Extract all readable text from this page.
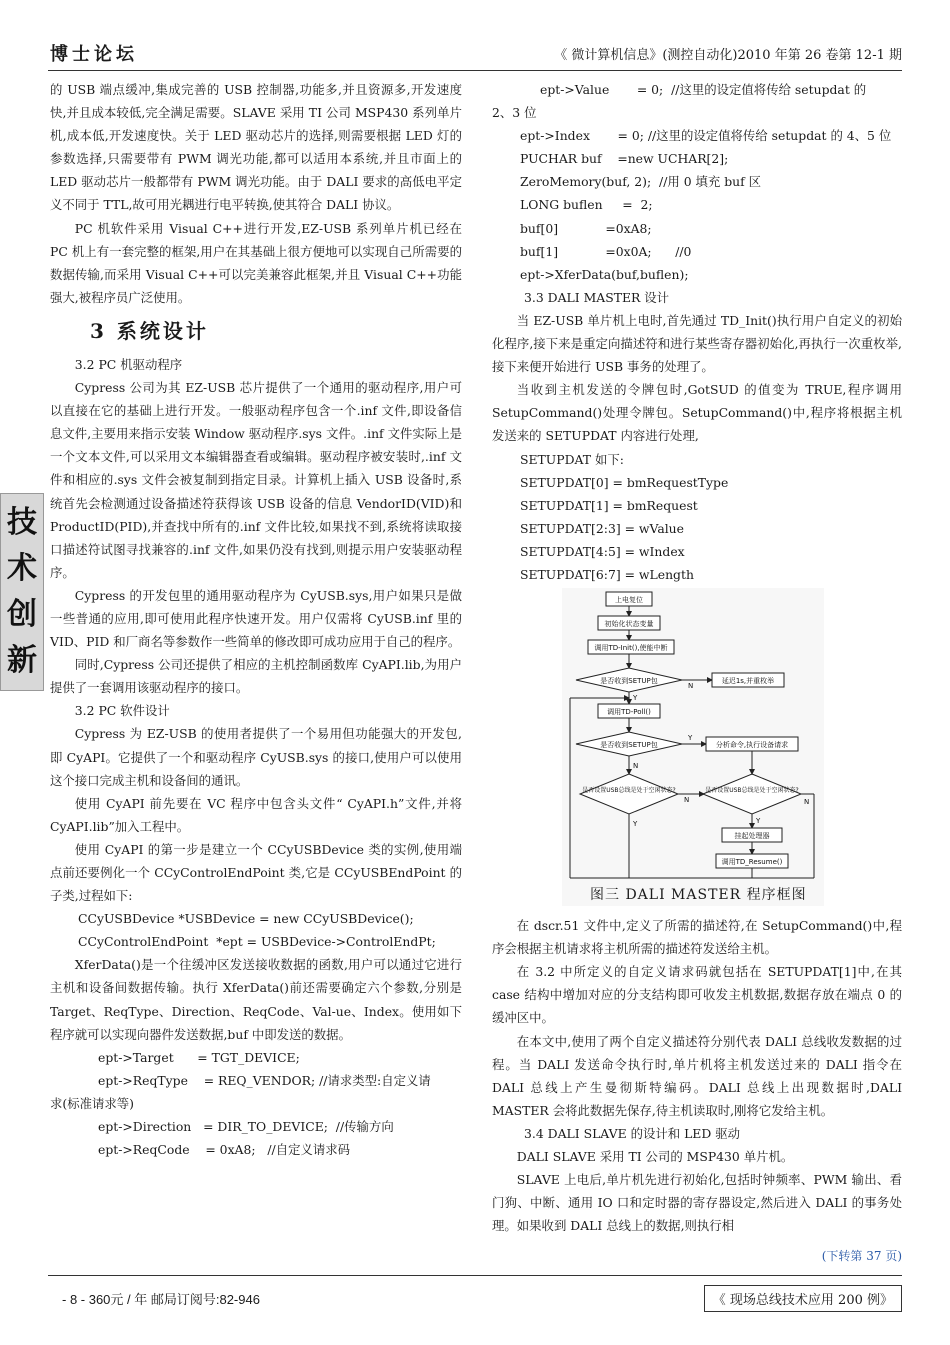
博士论坛	《 微计算机信息》(测控自动化)2010 年第 26 卷第 12-1 期
技
术
创
新

的 USB 端点缓冲,集成完善的 USB 控制器,功能多,并且资源多,开发速度快,并且成本较低,完全满足需要。SLAVE 采用 TI 公司 MSP430 系列单片机,成本低,开发速度快。关于 LED 驱动芯片的选择,则需要根据 LED 灯的参数选择,只需要带有 PWM 调光功能,都可以适用本系统,并且市面上的 LED 驱动芯片一般都带有 PWM 调光功能。由于 DALI 要求的高低电平定义不同于 TTL,故可用光耦进行电平转换,使其符合 DALI 协议。

PC 机软件采用 Visual C++进行开发,EZ-USB 系列单片机已经在 PC 机上有一套完整的框架,用户在其基础上很方便地可以实现自己所需要的数据传输,而采用 Visual C++可以完美兼容此框架,并且 Visual C++功能强大,被程序员广泛使用。

3 系统设计

3.2 PC 机驱动程序

Cypress 公司为其 EZ-USB 芯片提供了一个通用的驱动程序,用户可以直接在它的基础上进行开发。一般驱动程序包含一个.inf 文件,即设备信息文件,主要用来指示安装 Window 驱动程序.sys 文件。.inf 文件实际上是一个文本文件,可以采用文本编辑器查看或编辑。驱动程序被安装时,.inf 文件和相应的.sys 文件会被复制到指定目录。计算机上插入 USB 设备时,系统首先会检测通过设备描述符获得该 USB 设备的信息 VendorID(VID)和 ProductID(PID),并查找中所有的.inf 文件比较,如果找不到,系统将读取接口描述符试图寻找兼容的.inf 文件,如果仍没有找到,则提示用户安装驱动程序。

Cypress 的开发包里的通用驱动程序为 CyUSB.sys,用户如果只是做一些普通的应用,即可使用此程序快速开发。用户仅需将 CyUSB.inf 里的 VID、PID 和厂商名等参数作一些简单的修改即可成功应用于自己的程序。

同时,Cypress 公司还提供了相应的主机控制函数库 CyAPI.lib,为用户提供了一套调用该驱动程序的接口。

3.2 PC 软件设计

Cypress 为 EZ-USB 的使用者提供了一个易用但功能强大的开发包,即 CyAPI。它提供了一个和驱动程序 CyUSB.sys 的接口,使用户可以使用这个接口完成主机和设备间的通讯。

使用 CyAPI 前先要在 VC 程序中包含头文件“ CyAPI.h”文件,并将 CyAPI.lib”加入工程中。

使用 CyAPI 的第一步是建立一个 CCyUSBDevice 类的实例,使用端点前还要例化一个 CCyControlEndPoint 类,它是 CCyUSBEndPoint 的子类,过程如下:

CCyUSBDevice *USBDevice = new CCyUSBDevice();
CCyControlEndPoint  *ept = USBDevice->ControlEndPt;

XferData()是一个往缓冲区发送接收数据的函数,用户可以通过它进行主机和设备间数据传输。执行 XferData()前还需要确定六个参数,分别是 Target、ReqType、Direction、ReqCode、Val-ue、Index。使用如下程序就可以实现向器件发送数据,buf 中即发送的数据。

ept->Target      = TGT_DEVICE;
ept->ReqType    = REQ_VENDOR; //请求类型:自定义请
求(标准请求等)
ept->Direction   = DIR_TO_DEVICE;  //传输方向
ept->ReqCode    = 0xA8;   //自定义请求码
ept->Value       = 0;  //这里的设定值将传给 setupdat 的
2、3 位
ept->Index       = 0; //这里的设定值将传给 setupdat 的 4、5 位
PUCHAR buf    =new UCHAR[2];
ZeroMemory(buf, 2);  //用 0 填充 buf 区
LONG buflen     =  2;
buf[0]            =0xA8;
buf[1]            =0x0A;      //0
ept->XferData(buf,buflen);
3.3 DALI MASTER 设计

当 EZ-USB 单片机上电时,首先通过 TD_Init()执行用户自定义的初始化程序,接下来是重定向描述符和进行某些寄存器初始化,再执行一次重枚举,接下来便开始进行 USB 事务的处理了。

当收到主机发送的令牌包时,GotSUD 的值变为 TRUE,程序调用 SetupCommand()处理令牌包。SetupCommand()中,程序将根据主机发送来的 SETUPDAT 内容进行处理,

SETUPDAT 如下:
SETUPDAT[0] = bmRequestType
SETUPDAT[1] = bmRequest
SETUPDAT[2:3] = wValue
SETUPDAT[4:5] = wIndex
SETUPDAT[6:7] = wLength

在 dscr.51 文件中,定义了所需的描述符,在 SetupCommand()中,程序会根据主机请求将主机所需的描述符发送给主机。

在 3.2 中所定义的自定义请求码就包括在 SETUPDAT[1]中,在其 case 结构中增加对应的分支结构即可收发主机数据,数据存放在端点 0 的缓冲区中。

在本文中,使用了两个自定义描述符分别代表 DALI 总线收发数据的过程。当 DALI 发送命令执行时,单片机将主机发送过来的 DALI 指令在 DALI 总线上产生曼彻斯特编码。DALI 总线上出现数据时,DALI MASTER 会将此数据先保存,待主机读取时,刚将它发给主机。

3.4 DALI SLAVE 的设计和 LED 驱动

DALI SLAVE 采用 TI 公司的 MSP430 单片机。

SLAVE 上电后,单片机先进行初始化,包括时钟频率、PWM 输出、看门狗、中断、通用 IO 口和定时器的寄存器设定,然后进入 DALI 的事务处理。如果收到 DALI 总线上的数据,则执行相

上电复位
初始化状态变量
调用TD-Init(),使能中断
是否收到SETUP包
N
延迟1s,并重枚举
Y
调用TD-Poll()
是否收到SETUP包
Y
分析命令,执行设备请求
N
是否设置USB总线是处于空闲状态?
N
是否设置USB总线是处于空闲状态?
N
Y
挂起处理器
调用TD_Resume()
Y
图三 DALI MASTER 程序框图
(下转第 37 页)
- 8 - 360元 / 年 邮局订阅号:82-946	《 现场总线技术应用 200 例》
